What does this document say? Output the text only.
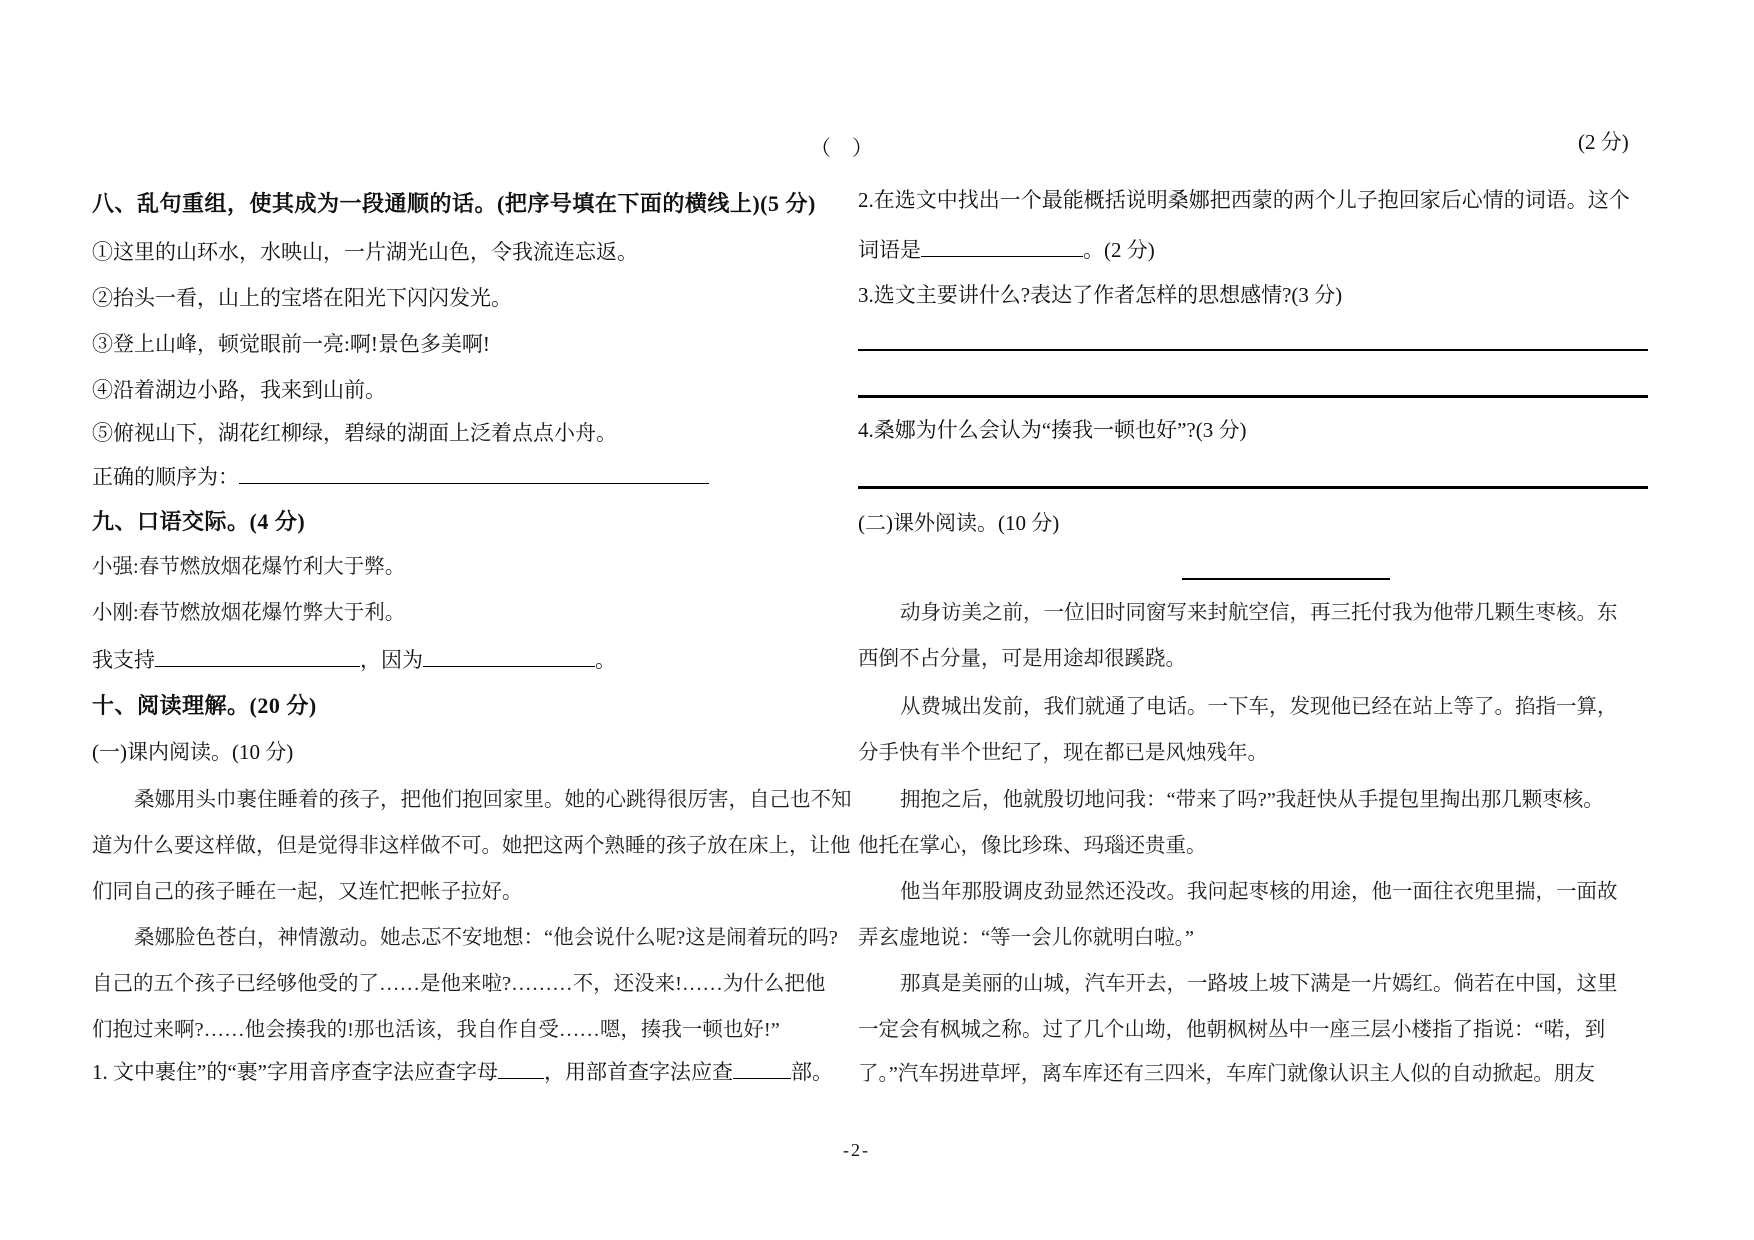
（　）	(2 分)
八、乱句重组，使其成为一段通顺的话。(把序号填在下面的横线上)(5 分)
①这里的山环水，水映山，一片湖光山色，令我流连忘返。
②抬头一看，山上的宝塔在阳光下闪闪发光。
③登上山峰，顿觉眼前一亮:啊!景色多美啊!
④沿着湖边小路，我来到山前。
⑤俯视山下，湖花红柳绿，碧绿的湖面上泛着点点小舟。
正确的顺序为：
九、口语交际。(4 分)
小强:春节燃放烟花爆竹利大于弊。
小刚:春节燃放烟花爆竹弊大于利。
我支持	，因为	。
十、阅读理解。(20 分)
(一)课内阅读。(10 分)
桑娜用头巾裹住睡着的孩子，把他们抱回家里。她的心跳得很厉害，自己也不知
道为什么要这样做，但是觉得非这样做不可。她把这两个熟睡的孩子放在床上，让他
们同自己的孩子睡在一起，又连忙把帐子拉好。
桑娜脸色苍白，神情激动。她忐忑不安地想：“他会说什么呢?这是闹着玩的吗?
自己的五个孩子已经够他受的了……是他来啦?………不，还没来!……为什么把他
们抱过来啊?……他会揍我的!那也活该，我自作自受……嗯，揍我一顿也好!”
1. 文中裹住”的“裹”字用音序查字法应查字母 ，用部首查字法应查	部。
2.在选文中找出一个最能概括说明桑娜把西蒙的两个儿子抱回家后心情的词语。这个
词语是	。(2 分)
3.选文主要讲什么?表达了作者怎样的思想感情?(3 分)
4.桑娜为什么会认为“揍我一顿也好”?(3 分)
(二)课外阅读。(10 分)
动身访美之前，一位旧时同窗写来封航空信，再三托付我为他带几颗生枣核。东
西倒不占分量，可是用途却很蹊跷。
从费城出发前，我们就通了电话。一下车，发现他已经在站上等了。掐指一算，
分手快有半个世纪了，现在都已是风烛残年。
拥抱之后，他就殷切地问我：“带来了吗?”我赶快从手提包里掏出那几颗枣核。
他托在掌心，像比珍珠、玛瑙还贵重。
他当年那股调皮劲显然还没改。我问起枣核的用途，他一面往衣兜里揣，一面故
弄玄虚地说：“等一会儿你就明白啦。”
那真是美丽的山城，汽车开去，一路坡上坡下满是一片嫣红。倘若在中国，这里
一定会有枫城之称。过了几个山坳，他朝枫树丛中一座三层小楼指了指说：“喏，到
了。”汽车拐进草坪，离车库还有三四米，车库门就像认识主人似的自动掀起。朋友
-2-
